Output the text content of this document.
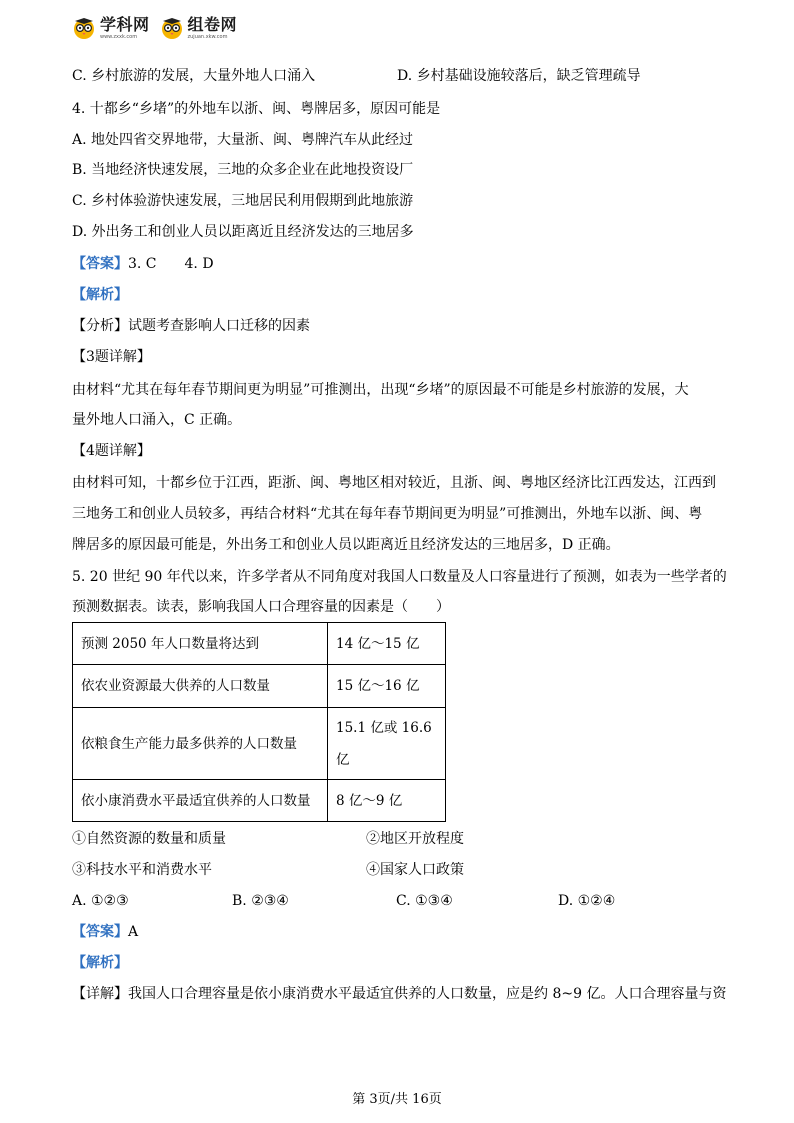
学科网
www.zxxk.com
组卷网
zujuan.xkw.com
C. 乡村旅游的发展，大量外地人口涌入	D. 乡村基础设施较落后，缺乏管理疏导
4. 十都乡“乡堵”的外地车以浙、闽、粤牌居多，原因可能是
A. 地处四省交界地带，大量浙、闽、粤牌汽车从此经过
B. 当地经济快速发展，三地的众多企业在此地投资设厂
C. 乡村体验游快速发展，三地居民利用假期到此地旅游
D. 外出务工和创业人员以距离近且经济发达的三地居多
【答案】3. C　　4. D
【解析】
【分析】试题考查影响人口迁移的因素
【3题详解】
由材料“尤其在每年春节期间更为明显”可推测出，出现“乡堵”的原因最不可能是乡村旅游的发展，大
量外地人口涌入，C 正确。
【4题详解】
由材料可知，十都乡位于江西，距浙、闽、粤地区相对较近，且浙、闽、粤地区经济比江西发达，江西到
三地务工和创业人员较多，再结合材料“尤其在每年春节期间更为明显”可推测出，外地车以浙、闽、粤
牌居多的原因最可能是，外出务工和创业人员以距离近且经济发达的三地居多，D 正确。
5. 20 世纪 90 年代以来，许多学者从不同角度对我国人口数量及人口容量进行了预测，如表为一些学者的
预测数据表。读表，影响我国人口合理容量的因素是（　　）
预测 2050 年人口数量将达到	14 亿～15 亿
依农业资源最大供养的人口数量	15 亿～16 亿
依粮食生产能力最多供养的人口数量	15.1 亿或 16.6
亿

依小康消费水平最适宜供养的人口数量	8 亿～9 亿
①自然资源的数量和质量	②地区开放程度
③科技水平和消费水平	④国家人口政策
A. ①②③	B. ②③④	C. ①③④	D. ①②④
【答案】A
【解析】
【详解】我国人口合理容量是依小康消费水平最适宜供养的人口数量，应是约 8~9 亿。人口合理容量与资
第 3页/共 16页
